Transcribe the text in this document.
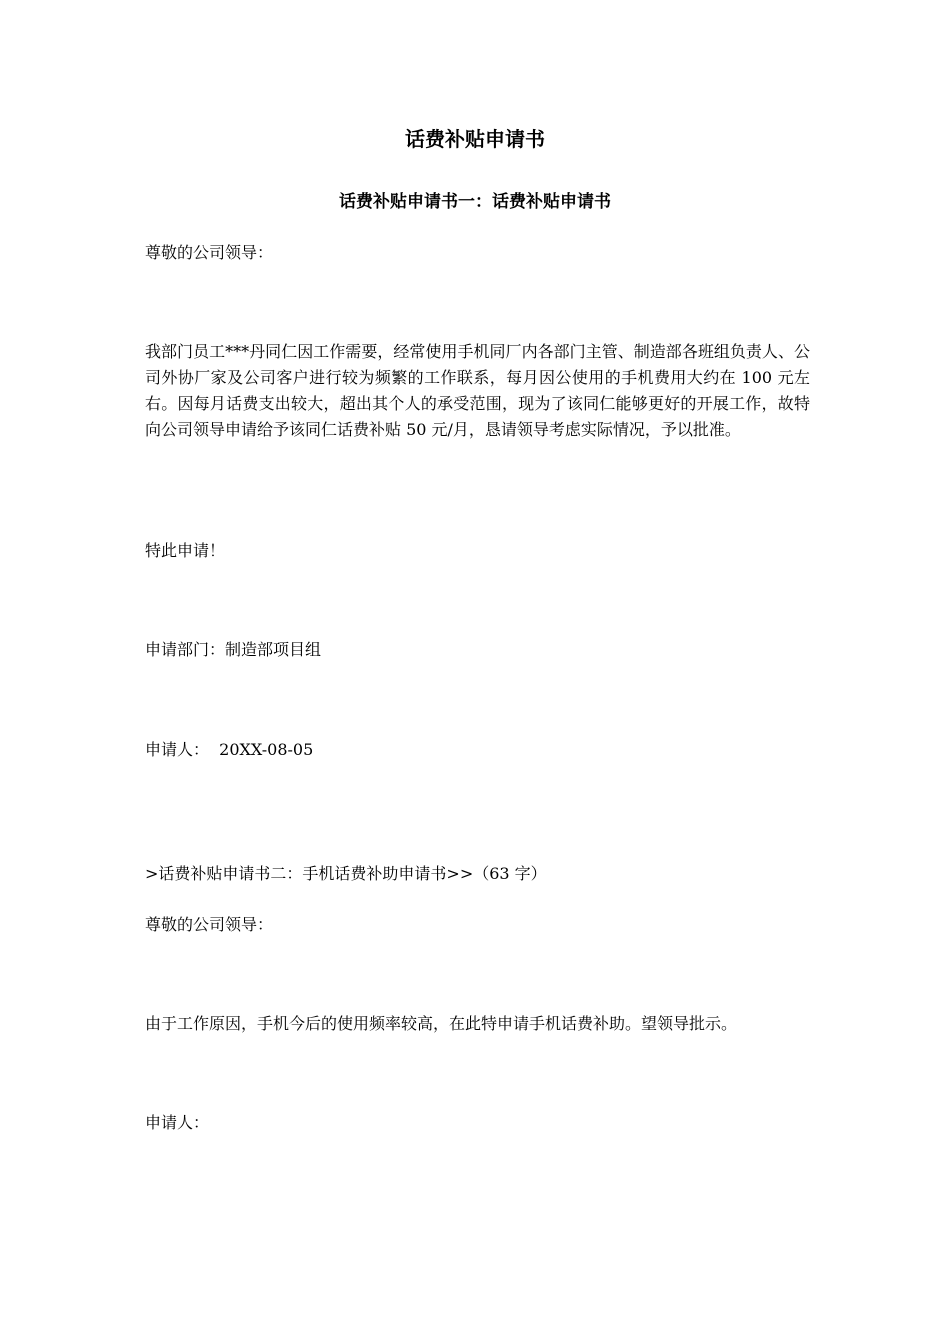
话费补贴申请书
话费补贴申请书一：话费补贴申请书
尊敬的公司领导：
我部门员工***丹同仁因工作需要，经常使用手机同厂内各部门主管、制造部各班组负责人、公司外协厂家及公司客户进行较为频繁的工作联系，每月因公使用的手机费用大约在 100 元左右。因每月话费支出较大，超出其个人的承受范围，现为了该同仁能够更好的开展工作，故特向公司领导申请给予该同仁话费补贴 50 元/月，恳请领导考虑实际情况，予以批准。
特此申请！
申请部门：制造部项目组
申请人：  20XX-08-05
>话费补贴申请书二：手机话费补助申请书>>（63 字）
尊敬的公司领导：
由于工作原因，手机今后的使用频率较高，在此特申请手机话费补助。望领导批示。
申请人：
